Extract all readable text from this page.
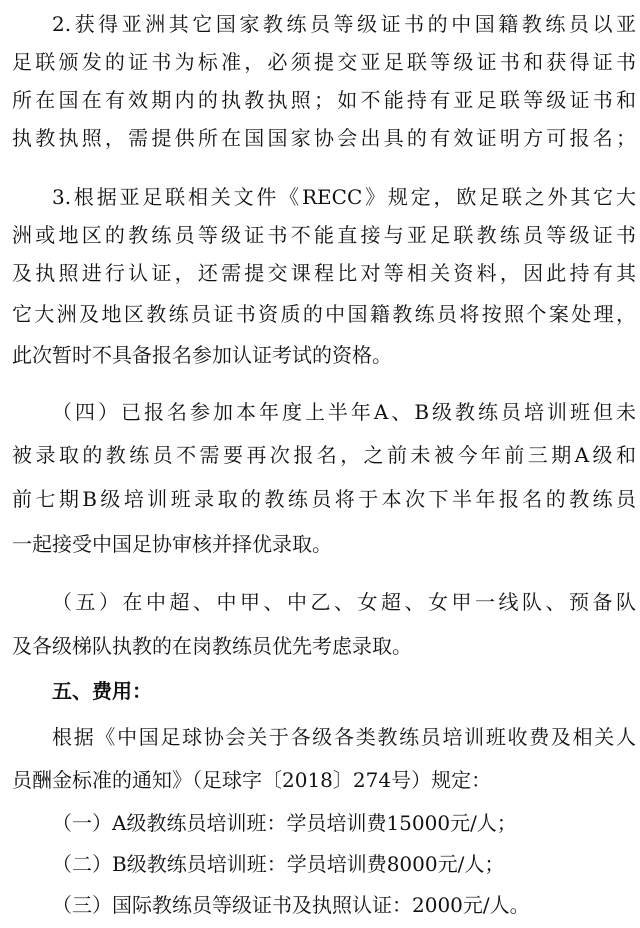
2.获得亚洲其它国家教练员等级证书的中国籍教练员以亚
足联颁发的证书为标准，必须提交亚足联等级证书和获得证书
所在国在有效期内的执教执照；如不能持有亚足联等级证书和
执教执照，需提供所在国国家协会出具的有效证明方可报名；
3.根据亚足联相关文件《RECC》规定，欧足联之外其它大
洲或地区的教练员等级证书不能直接与亚足联教练员等级证书
及执照进行认证，还需提交课程比对等相关资料，因此持有其
它大洲及地区教练员证书资质的中国籍教练员将按照个案处理，
此次暂时不具备报名参加认证考试的资格。
（四）已报名参加本年度上半年A、B级教练员培训班但未
被录取的教练员不需要再次报名，之前未被今年前三期A级和
前七期B级培训班录取的教练员将于本次下半年报名的教练员
一起接受中国足协审核并择优录取。
（五）在中超、中甲、中乙、女超、女甲一线队、预备队
及各级梯队执教的在岗教练员优先考虑录取。
五、费用：
根据《中国足球协会关于各级各类教练员培训班收费及相关人
员酬金标准的通知》（足球字〔2018〕274号）规定：
（一）A级教练员培训班：学员培训费15000元/人；
（二）B级教练员培训班：学员培训费8000元/人；
（三）国际教练员等级证书及执照认证：2000元/人。
